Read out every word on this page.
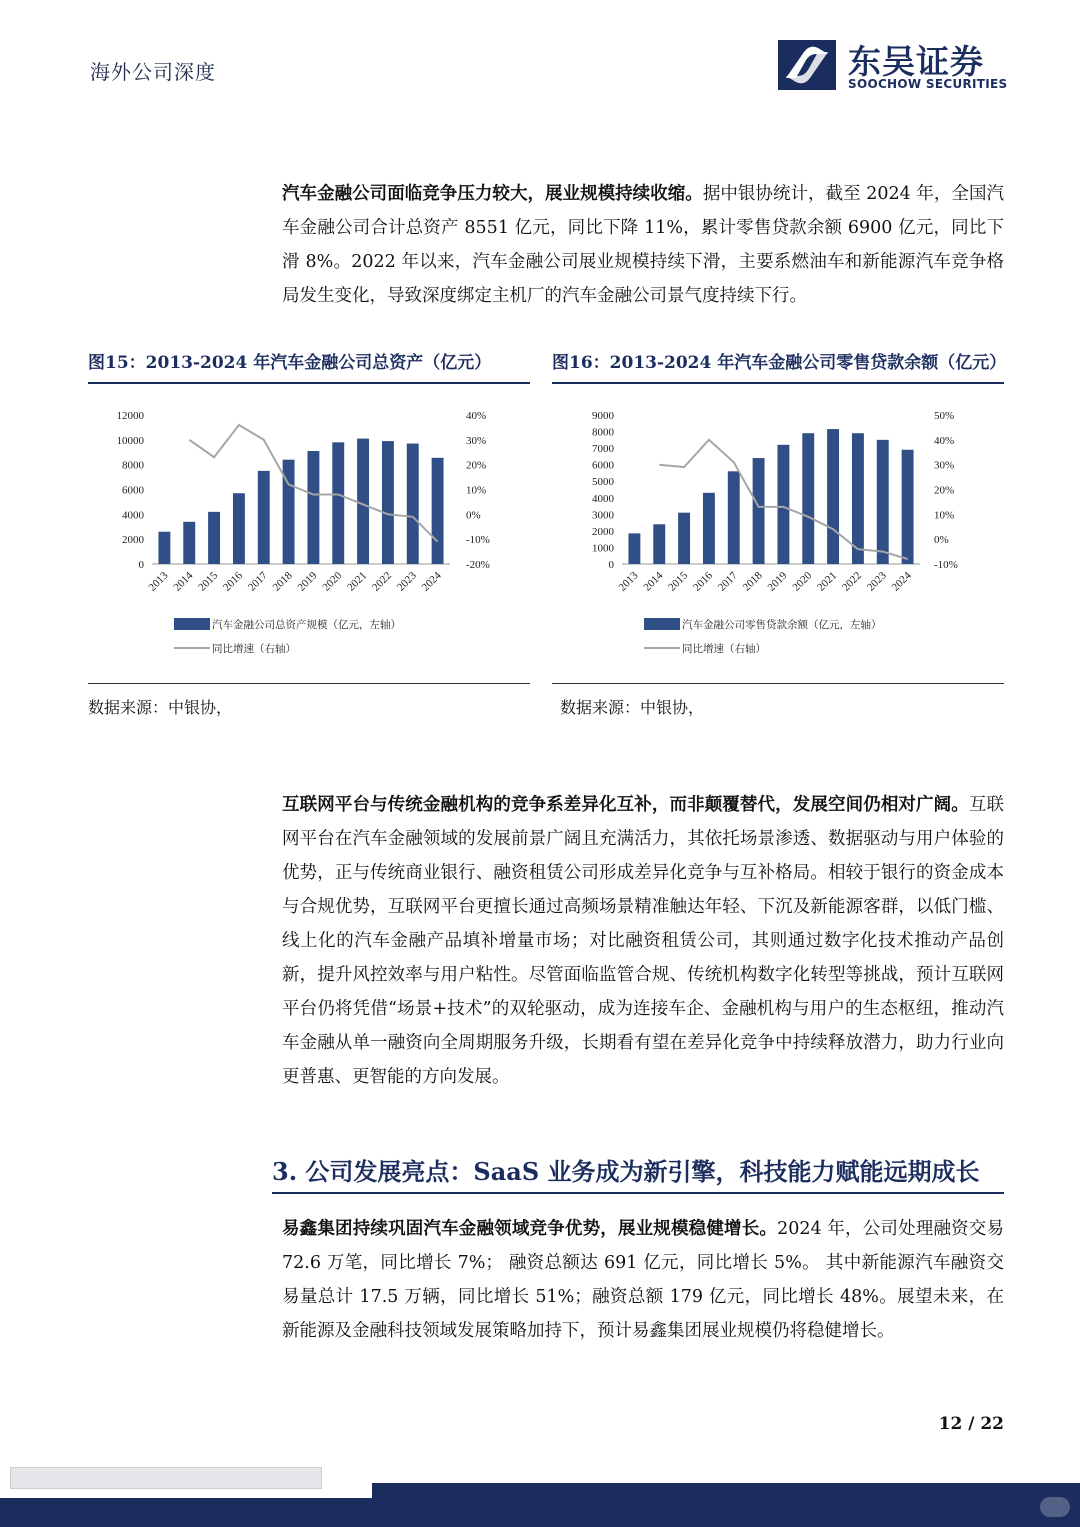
海外公司深度	东吴证券
SOOCHOW SECURITIES
汽车金融公司面临竞争压力较大，展业规模持续收缩。据中银协统计，截至 2024 年，全国汽车金融公司合计总资产 8551 亿元，同比下降 11%，累计零售贷款余额 6900 亿元，同比下滑 8%。2022 年以来，汽车金融公司展业规模持续下滑，主要系燃油车和新能源汽车竞争格局发生变化，导致深度绑定主机厂的汽车金融公司景气度持续下行。
图15：2013-2024 年汽车金融公司总资产（亿元）	图16：2013-2024 年汽车金融公司零售贷款余额（亿元）
0
2000
4000
6000
8000
10000
12000
-20%
-10%
0%
10%
20%
30%
40%
2013 2014 2015 2016 2017 2018 2019 2020 2021 2022 2023 2024
汽车金融公司总资产规模（亿元，左轴）
同比增速（右轴）
0
1000
2000
3000
4000
5000
6000
7000
8000
9000
-10%
0%
10%
20%
30%
40%
50%
2013 2014 2015 2016 2017 2018 2019 2020 2021 2022 2023 2024
汽车金融公司零售贷款余额（亿元，左轴）
同比增速（右轴）
数据来源：中银协，	数据来源：中银协，
互联网平台与传统金融机构的竞争系差异化互补，而非颠覆替代，发展空间仍相对广阔。互联网平台在汽车金融领域的发展前景广阔且充满活力，其依托场景渗透、数据驱动与用户体验的优势，正与传统商业银行、融资租赁公司形成差异化竞争与互补格局。相较于银行的资金成本与合规优势，互联网平台更擅长通过高频场景精准触达年轻、下沉及新能源客群，以低门槛、线上化的汽车金融产品填补增量市场；对比融资租赁公司，其则通过数字化技术推动产品创新，提升风控效率与用户粘性。尽管面临监管合规、传统机构数字化转型等挑战，预计互联网平台仍将凭借“场景+技术”的双轮驱动，成为连接车企、金融机构与用户的生态枢纽，推动汽车金融从单一融资向全周期服务升级，长期看有望在差异化竞争中持续释放潜力，助力行业向更普惠、更智能的方向发展。
3. 公司发展亮点：SaaS 业务成为新引擎，科技能力赋能远期成长
易鑫集团持续巩固汽车金融领域竞争优势，展业规模稳健增长。2024 年，公司处理融资交易 72.6 万笔，同比增长 7%； 融资总额达 691 亿元，同比增长 5%。 其中新能源汽车融资交易量总计 17.5 万辆，同比增长 51%；融资总额 179 亿元，同比增长 48%。展望未来，在新能源及金融科技领域发展策略加持下，预计易鑫集团展业规模仍将稳健增长。
12 / 22
